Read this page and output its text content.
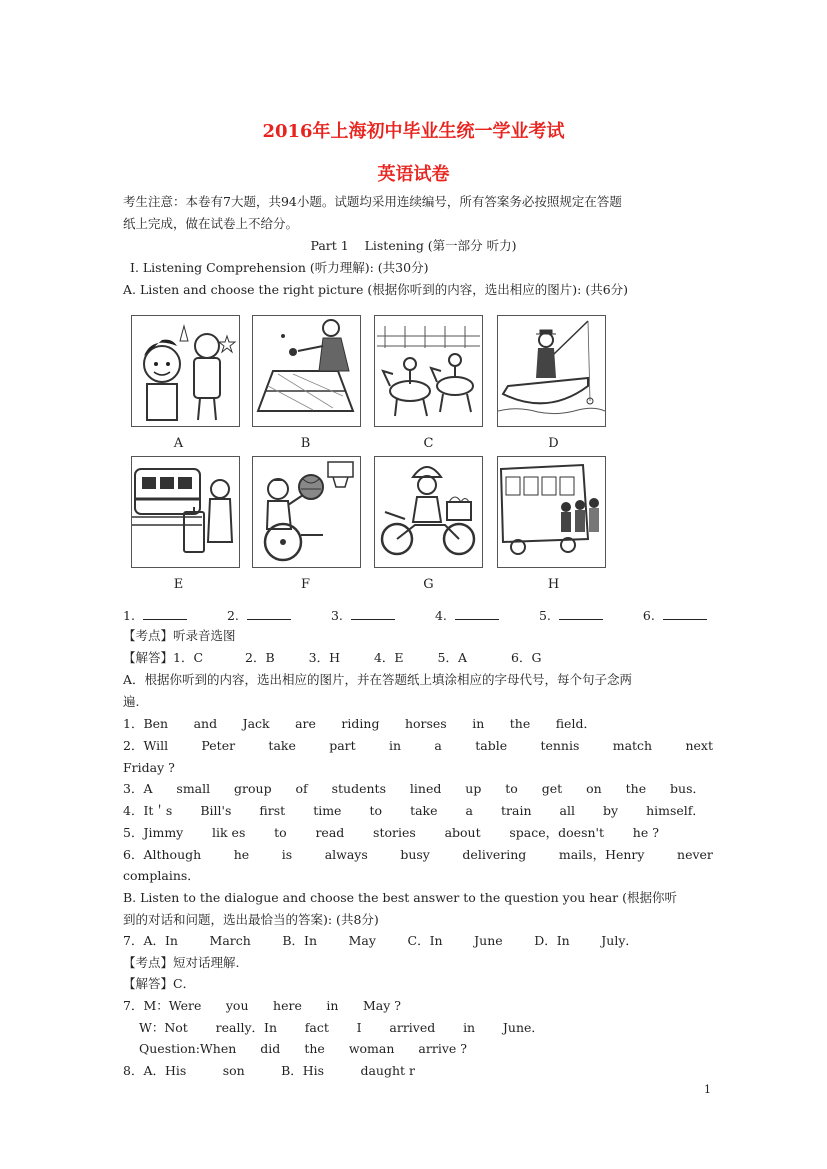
2016年上海初中毕业生统一学业考试
英语试卷
考生注意：本卷有7大题，共94小题。试题均采用连续编号，所有答案务必按照规定在答题
纸上完成，做在试卷上不给分。
Part 1    Listening (第一部分 听力)
I. Listening Comprehension (听力理解): (共30分)
A. Listen and choose the right picture (根据你听到的内容，选出相应的图片): (共6分)
A	B	C	D
E	F	G	H
1.	2.	3.	4.	5.	6.
【考点】听录音选图
【解答】1．C	2．B	3．H	4．E	5．A	6．G
A．根据你听到的内容，选出相应的图片，并在答题纸上填涂相应的字母代号，每个句子念两
遍.
1．Ben and Jack are riding horses in the field．
2．Will	Peter	take	part	in	a	table	tennis	match	next
Friday ?
3．A small group of students lined up to get on the bus．
4．It＇s Bill's first time to take a train all by himself．
5．Jimmy lik es to read stories about space，doesn't he ?
6．Although	he	is	always	busy	delivering	mails，Henry	never
complains．
B. Listen to the dialogue and choose the best answer to the question you hear (根据你听
到的对话和问题，选出最恰当的答案): (共8分)
7．A．In	March	B．In	May	C．In	June	D．In	July．
【考点】短对话理解.
【解答】C．
7．M：Were you here in May ?
W：Not really．In fact I arrived in June．
Question:When did the woman arrive ?
8．A．His	son	B．His	daught r
1
